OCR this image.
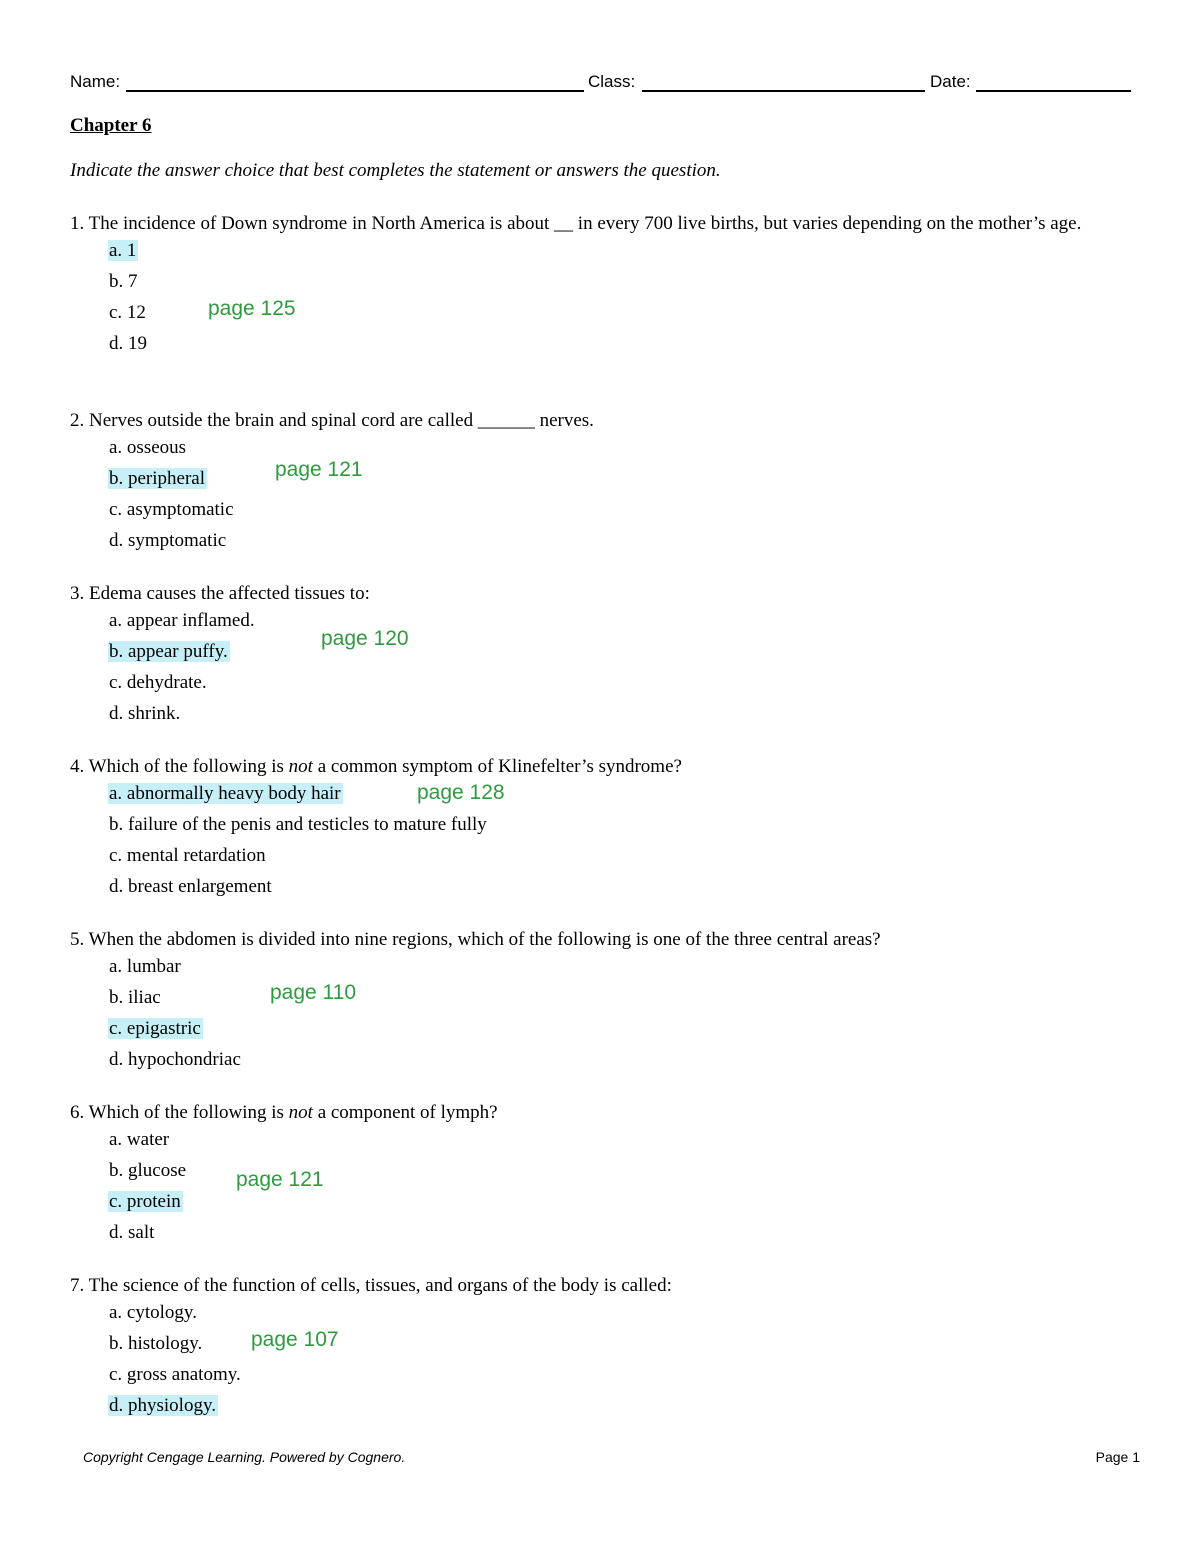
Name:	Class:	Date:
Chapter 6
Indicate the answer choice that best completes the statement or answers the question.
1. The incidence of Down syndrome in North America is about __ in every 700 live births, but varies depending on the mother’s age.
a. 1
b. 7
c. 12
d. 19
page 125
2. Nerves outside the brain and spinal cord are called ______ nerves.
a. osseous
b. peripheral
c. asymptomatic
d. symptomatic
page 121
3. Edema causes the affected tissues to:
a. appear inflamed.
b. appear puffy.
c. dehydrate.
d. shrink.
page 120
4. Which of the following is not a common symptom of Klinefelter’s syndrome?
a. abnormally heavy body hair
b. failure of the penis and testicles to mature fully
c. mental retardation
d. breast enlargement
page 128
5. When the abdomen is divided into nine regions, which of the following is one of the three central areas?
a. lumbar
b. iliac
c. epigastric
d. hypochondriac
page 110
6. Which of the following is not a component of lymph?
a. water
b. glucose
c. protein
d. salt
page 121
7. The science of the function of cells, tissues, and organs of the body is called:
a. cytology.
b. histology.
c. gross anatomy.
d. physiology.
page 107
Copyright Cengage Learning. Powered by Cognero.	Page 1
